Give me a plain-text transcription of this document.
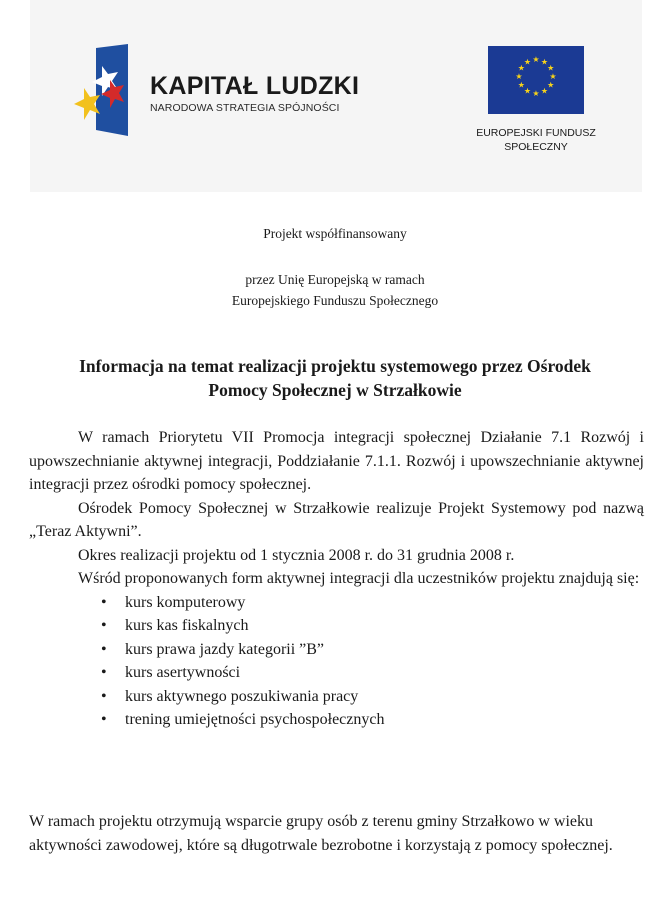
KAPITAŁ LUDZKI
NARODOWA STRATEGIA SPÓJNOŚCI
★ ★
★
★
★
★
★
★
★
★
★
★
EUROPEJSKI FUNDUSZ
SPOŁECZNY
Projekt współfinansowany
przez Unię Europejską w ramach
Europejskiego Funduszu Społecznego
Informacja na temat realizacji projektu systemowego przez Ośrodek
Pomocy Społecznej w Strzałkowie

W ramach Priorytetu VII Promocja integracji społecznej Działanie 7.1 Rozwój i upowszechnianie aktywnej integracji, Poddziałanie 7.1.1. Rozwój i upowszechnianie aktywnej integracji przez ośrodki pomocy społecznej.

Ośrodek Pomocy Społecznej w Strzałkowie realizuje Projekt Systemowy pod nazwą „Teraz Aktywni”.

Okres realizacji projektu od 1 stycznia 2008 r. do 31 grudnia 2008 r.

Wśród proponowanych form aktywnej integracji dla uczestników projektu znajdują się:

•	kurs komputerowy
•	kurs kas fiskalnych
•	kurs prawa jazdy kategorii ”B”
•	kurs asertywności
•	kurs aktywnego poszukiwania pracy
•	trening umiejętności psychospołecznych
W ramach projektu otrzymują wsparcie grupy osób z terenu gminy Strzałkowo w wieku aktywności zawodowej, które są długotrwale bezrobotne i korzystają z pomocy społecznej.
